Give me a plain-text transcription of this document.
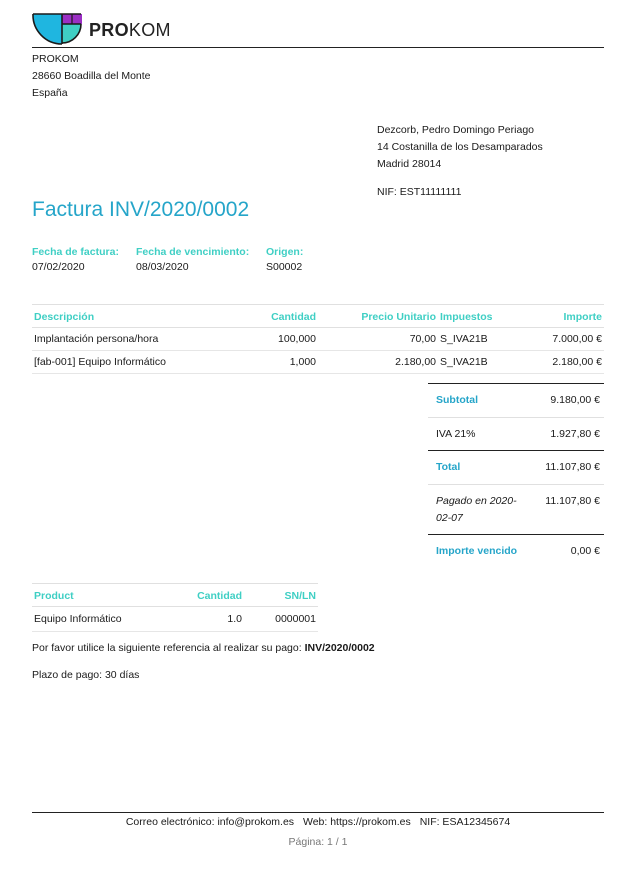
PROKOM
PROKOM
28660 Boadilla del Monte
España
Dezcorb, Pedro Domingo Periago
14 Costanilla de los Desamparados
Madrid 28014
NIF: EST11111111
Factura INV/2020/0002
Fecha de factura:
07/02/2020
Fecha de vencimiento:
08/03/2020
Origen:
S00002
Descripción	Cantidad	Precio Unitario	Impuestos	Importe
Implantación persona/hora	100,000	70,00	S_IVA21B	7.000,00 €
[fab-001] Equipo Informático	1,000	2.180,00	S_IVA21B	2.180,00 €
Subtotal	9.180,00 €
IVA 21%	1.927,80 €
Total	11.107,80 €
Pagado en 2020-02-07	11.107,80 €
Importe vencido	0,00 €
Product	Cantidad	SN/LN
Equipo Informático	1.0	0000001
Por favor utilice la siguiente referencia al realizar su pago: INV/2020/0002
Plazo de pago: 30 días
Correo electrónico: info@prokom.es Web: https://prokom.es NIF: ESA12345674
Página: 1 / 1
